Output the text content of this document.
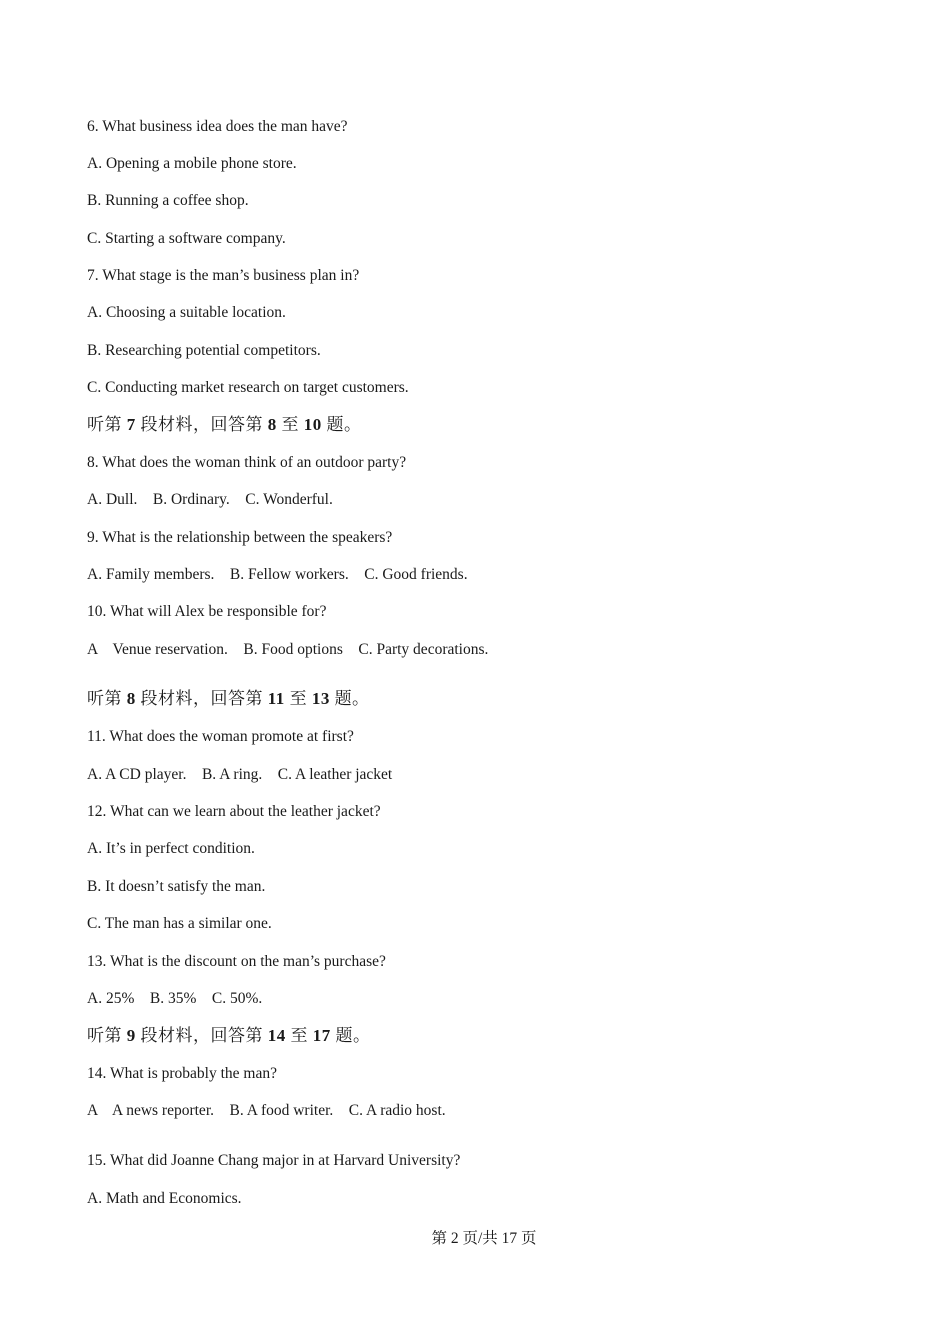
6. What business idea does the man have?
A. Opening a mobile phone store.
B. Running a coffee shop.
C. Starting a software company.
7. What stage is the man’s business plan in?
A. Choosing a suitable location.
B. Researching potential competitors.
C. Conducting market research on target customers.
听第 7 段材料，回答第 8 至 10 题。
8. What does the woman think of an outdoor party?
A. Dull.    B. Ordinary.    C. Wonderful.
9. What is the relationship between the speakers?
A. Family members.    B. Fellow workers.    C. Good friends.
10. What will Alex be responsible for?
A    Venue reservation.    B. Food options    C. Party decorations.
听第 8 段材料，回答第 11 至 13 题。
11. What does the woman promote at first?
A. A CD player.    B. A ring.    C. A leather jacket
12. What can we learn about the leather jacket?
A. It’s in perfect condition.
B. It doesn’t satisfy the man.
C. The man has a similar one.
13. What is the discount on the man’s purchase?
A. 25%    B. 35%    C. 50%.
听第 9 段材料，回答第 14 至 17 题。
14. What is probably the man?
A    A news reporter.    B. A food writer.    C. A radio host.
15. What did Joanne Chang major in at Harvard University?
A. Math and Economics.
第 2 页/共 17 页
